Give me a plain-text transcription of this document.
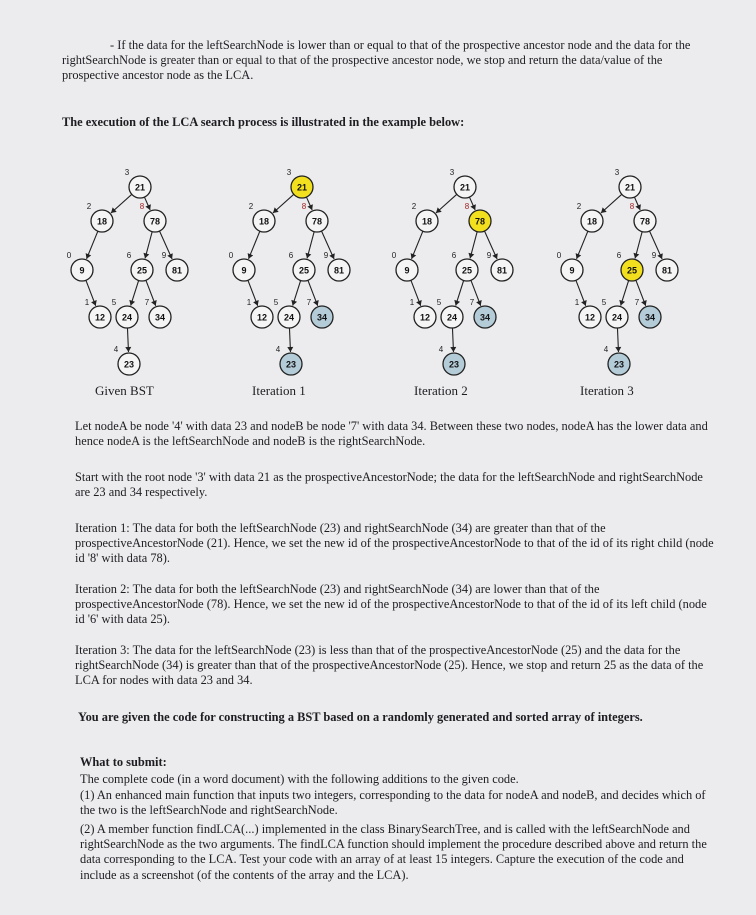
- If the data for the leftSearchNode is lower than or equal to that of the prospective ancestor node and the data for the rightSearchNode is greater than or equal to that of the prospective ancestor node, we stop and return the data/value of the prospective ancestor node as the LCA.

The execution of the LCA search process is illustrated in the example below:

9
0
12
1
18
2
21
3
23
4
24
5
25
6
34
7
78
8
81
9
9
0
12
1
18
2
21
3
23
4
24
5
25
6
34
7
78
8
81
9
9
0
12
1
18
2
21
3
23
4
24
5
25
6
34
7
78
8
81
9
9
0
12
1
18
2
21
3
23
4
24
5
25
6
34
7
78
8
81
9
Given BST	Iteration 1	Iteration 2	Iteration 3

Let nodeA be node '4' with data 23 and nodeB be node '7' with data 34. Between these two nodes, nodeA has the lower data and hence nodeA is the leftSearchNode and nodeB is the rightSearchNode.

Start with the root node '3' with data 21 as the prospectiveAncestorNode; the data for the leftSearchNode and rightSearchNode are 23 and 34 respectively.

Iteration 1: The data for both the leftSearchNode (23) and rightSearchNode (34) are greater than that of the prospectiveAncestorNode (21). Hence, we set the new id of the prospectiveAncestorNode to that of the id of its right child (node id '8' with data 78).

Iteration 2: The data for both the leftSearchNode (23) and rightSearchNode (34) are lower than that of the prospectiveAncestorNode (78). Hence, we set the new id of the prospectiveAncestorNode to that of the id of its left child (node id '6' with data 25).

Iteration 3: The data for the leftSearchNode (23) is less than that of the prospectiveAncestorNode (25) and the data for the rightSearchNode (34) is greater than that of the prospectiveAncestorNode (25). Hence, we stop and return 25 as the data of the LCA for nodes with data 23 and 34.

You are given the code for constructing a BST based on a randomly generated and sorted array of integers.

What to submit:

The complete code (in a word document) with the following additions to the given code.

(1) An enhanced main function that inputs two integers, corresponding to the data for nodeA and nodeB, and decides which of the two is the leftSearchNode and rightSearchNode.

(2) A member function findLCA(...) implemented in the class BinarySearchTree, and is called with the leftSearchNode and rightSearchNode as the two arguments. The findLCA function should implement the procedure described above and return the data corresponding to the LCA. Test your code with an array of at least 15 integers. Capture the execution of the code and include as a screenshot (of the contents of the array and the LCA).
